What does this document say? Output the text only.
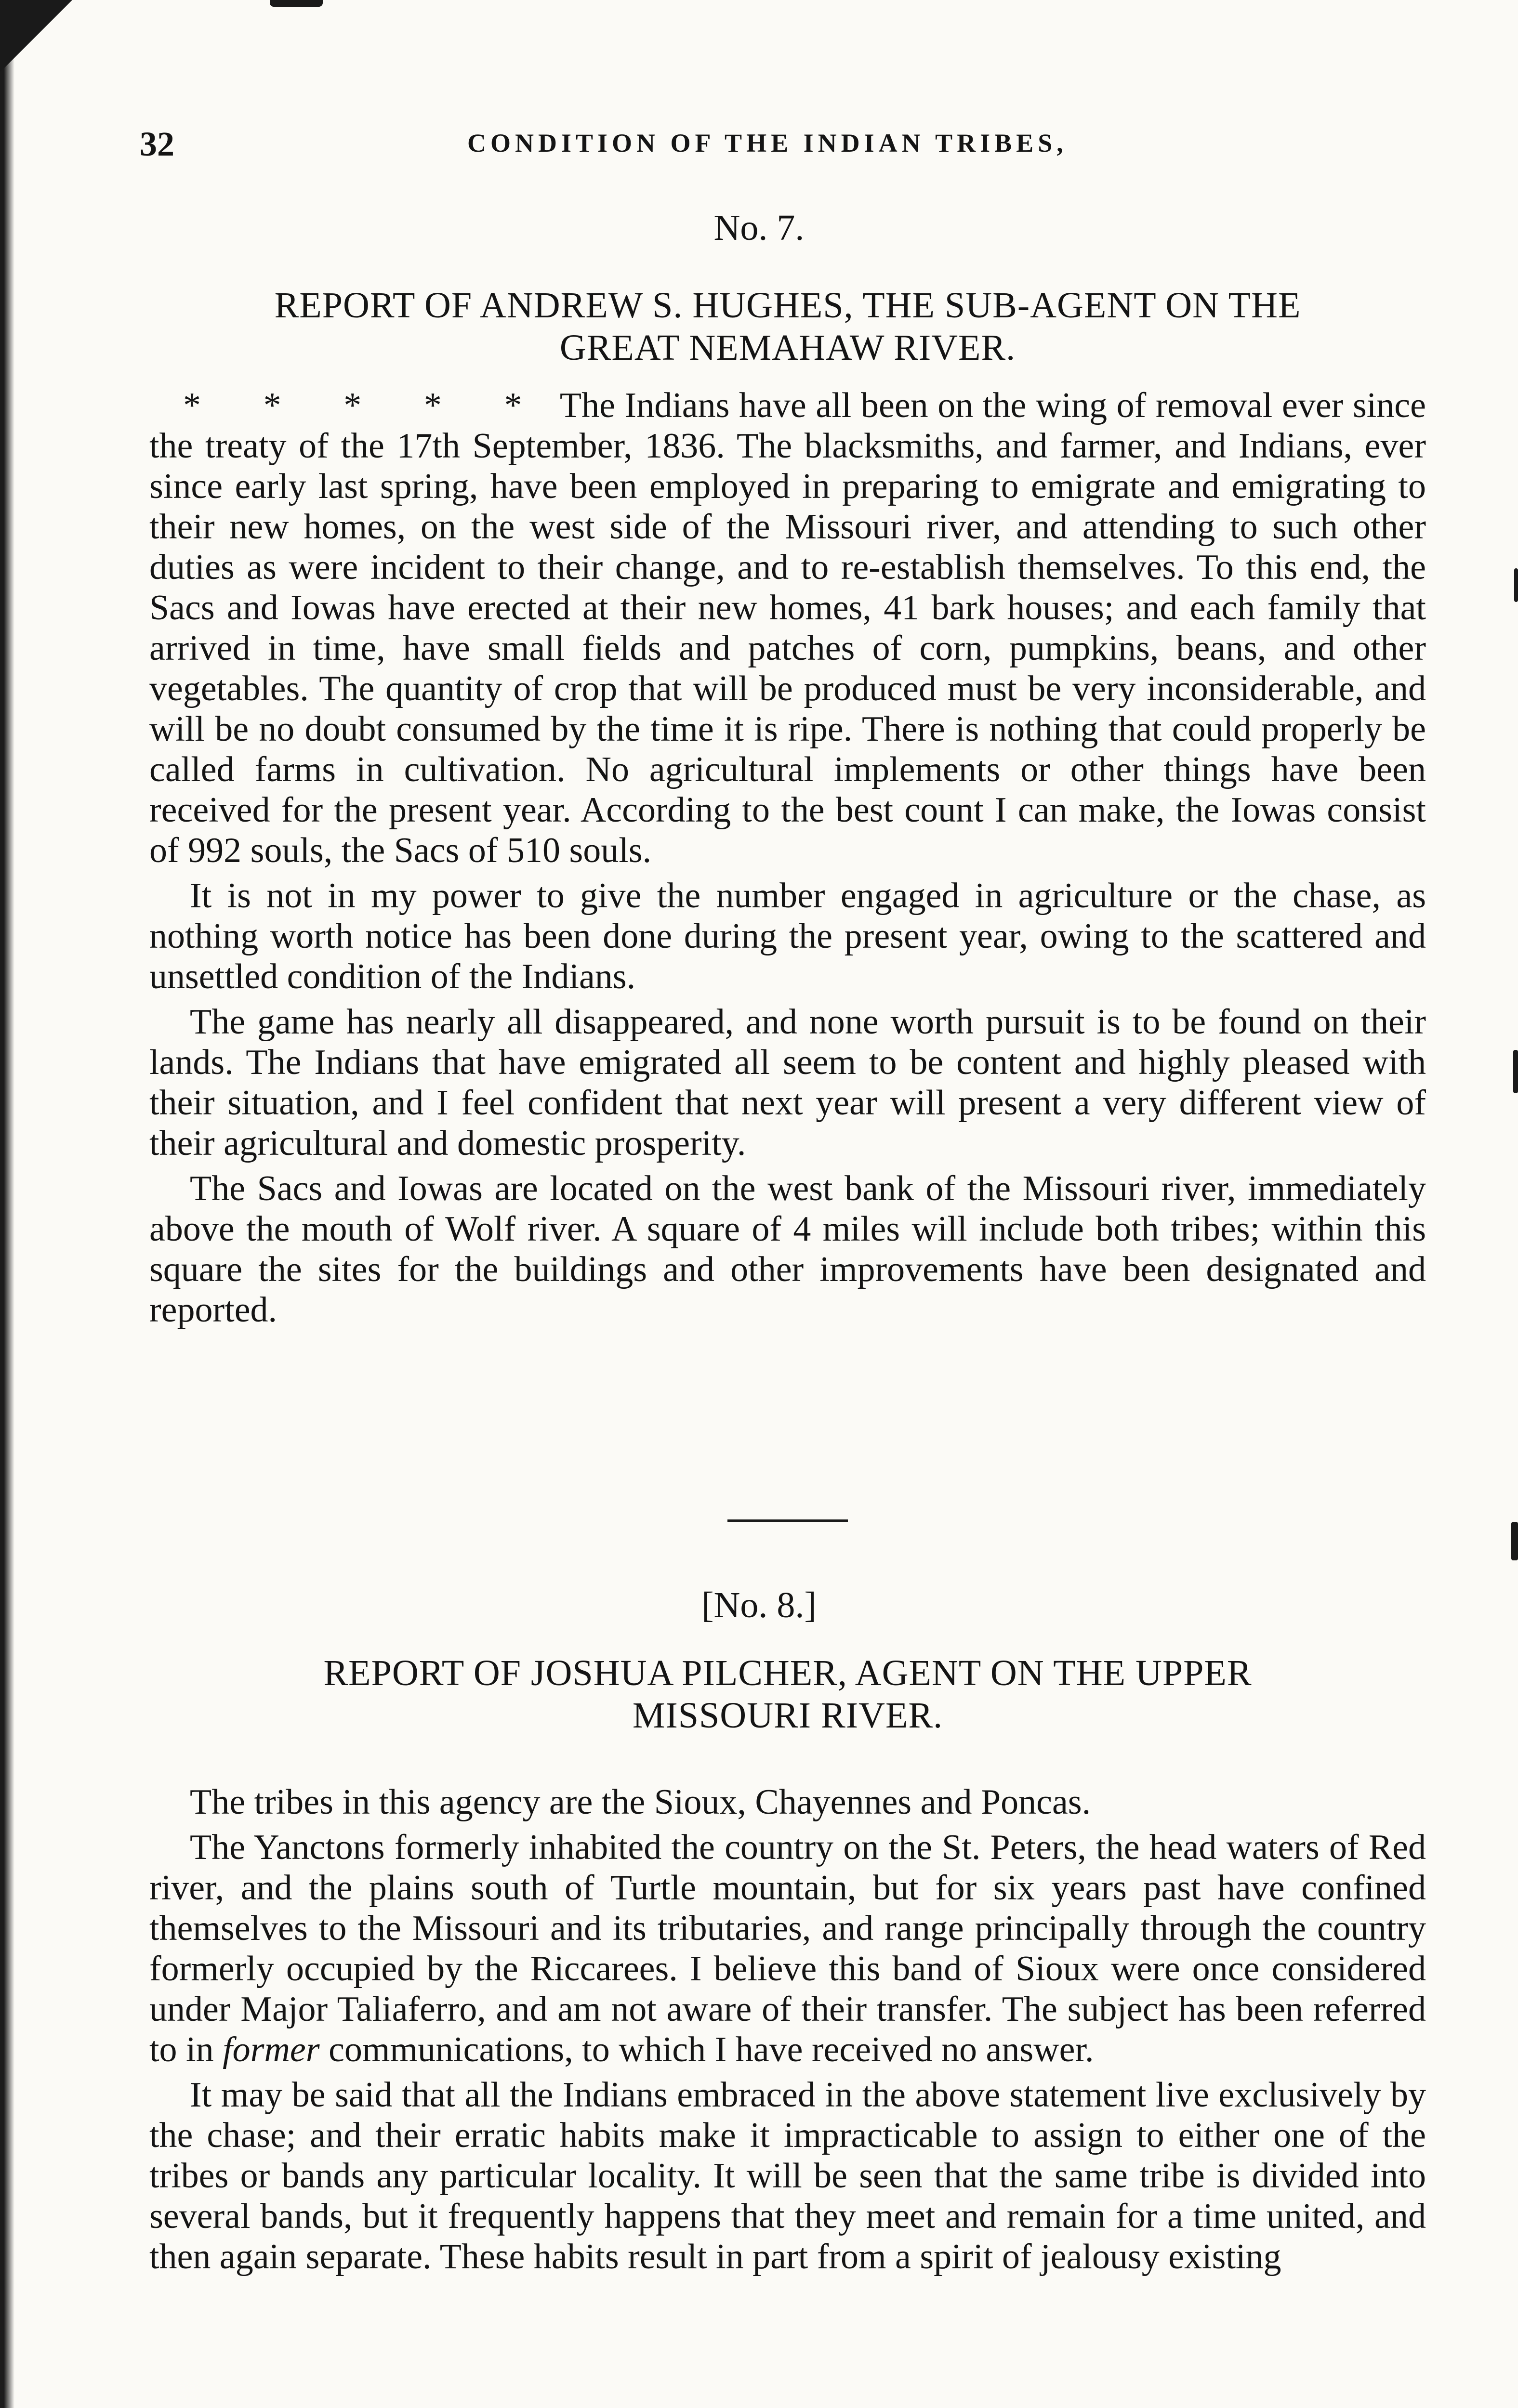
32	CONDITION OF THE INDIAN TRIBES,
No. 7.
REPORT OF ANDREW S. HUGHES, THE SUB-AGENT ON THE
GREAT NEMAHAW RIVER.

* * * * * The Indians have all been on the wing of removal ever since the treaty of the 17th September, 1836. The blacksmiths, and farmer, and Indians, ever since early last spring, have been employed in preparing to emigrate and emigrating to their new homes, on the west side of the Missouri river, and attending to such other duties as were incident to their change, and to re-establish themselves. To this end, the Sacs and Iowas have erected at their new homes, 41 bark houses; and each family that arrived in time, have small fields and patches of corn, pumpkins, beans, and other vegetables. The quantity of crop that will be produced must be very inconsiderable, and will be no doubt consumed by the time it is ripe. There is nothing that could properly be called farms in cultivation. No agricultural implements or other things have been received for the present year. According to the best count I can make, the Iowas consist of 992 souls, the Sacs of 510 souls.

It is not in my power to give the number engaged in agriculture or the chase, as nothing worth notice has been done during the present year, owing to the scattered and unsettled condition of the Indians.

The game has nearly all disappeared, and none worth pursuit is to be found on their lands. The Indians that have emigrated all seem to be content and highly pleased with their situation, and I feel confident that next year will present a very different view of their agricultural and domestic prosperity.

The Sacs and Iowas are located on the west bank of the Missouri river, immediately above the mouth of Wolf river. A square of 4 miles will include both tribes; within this square the sites for the buildings and other improvements have been designated and reported.

[No. 8.]
REPORT OF JOSHUA PILCHER, AGENT ON THE UPPER
MISSOURI RIVER.

The tribes in this agency are the Sioux, Chayennes and Poncas.

The Yanctons formerly inhabited the country on the St. Peters, the head waters of Red river, and the plains south of Turtle mountain, but for six years past have confined themselves to the Missouri and its tributaries, and range principally through the country formerly occupied by the Riccarees. I believe this band of Sioux were once considered under Major Taliaferro, and am not aware of their transfer. The subject has been referred to in former communications, to which I have received no answer.

It may be said that all the Indians embraced in the above statement live exclusively by the chase; and their erratic habits make it impracticable to assign to either one of the tribes or bands any particular locality. It will be seen that the same tribe is divided into several bands, but it frequently happens that they meet and remain for a time united, and then again separate. These habits result in part from a spirit of jealousy existing
